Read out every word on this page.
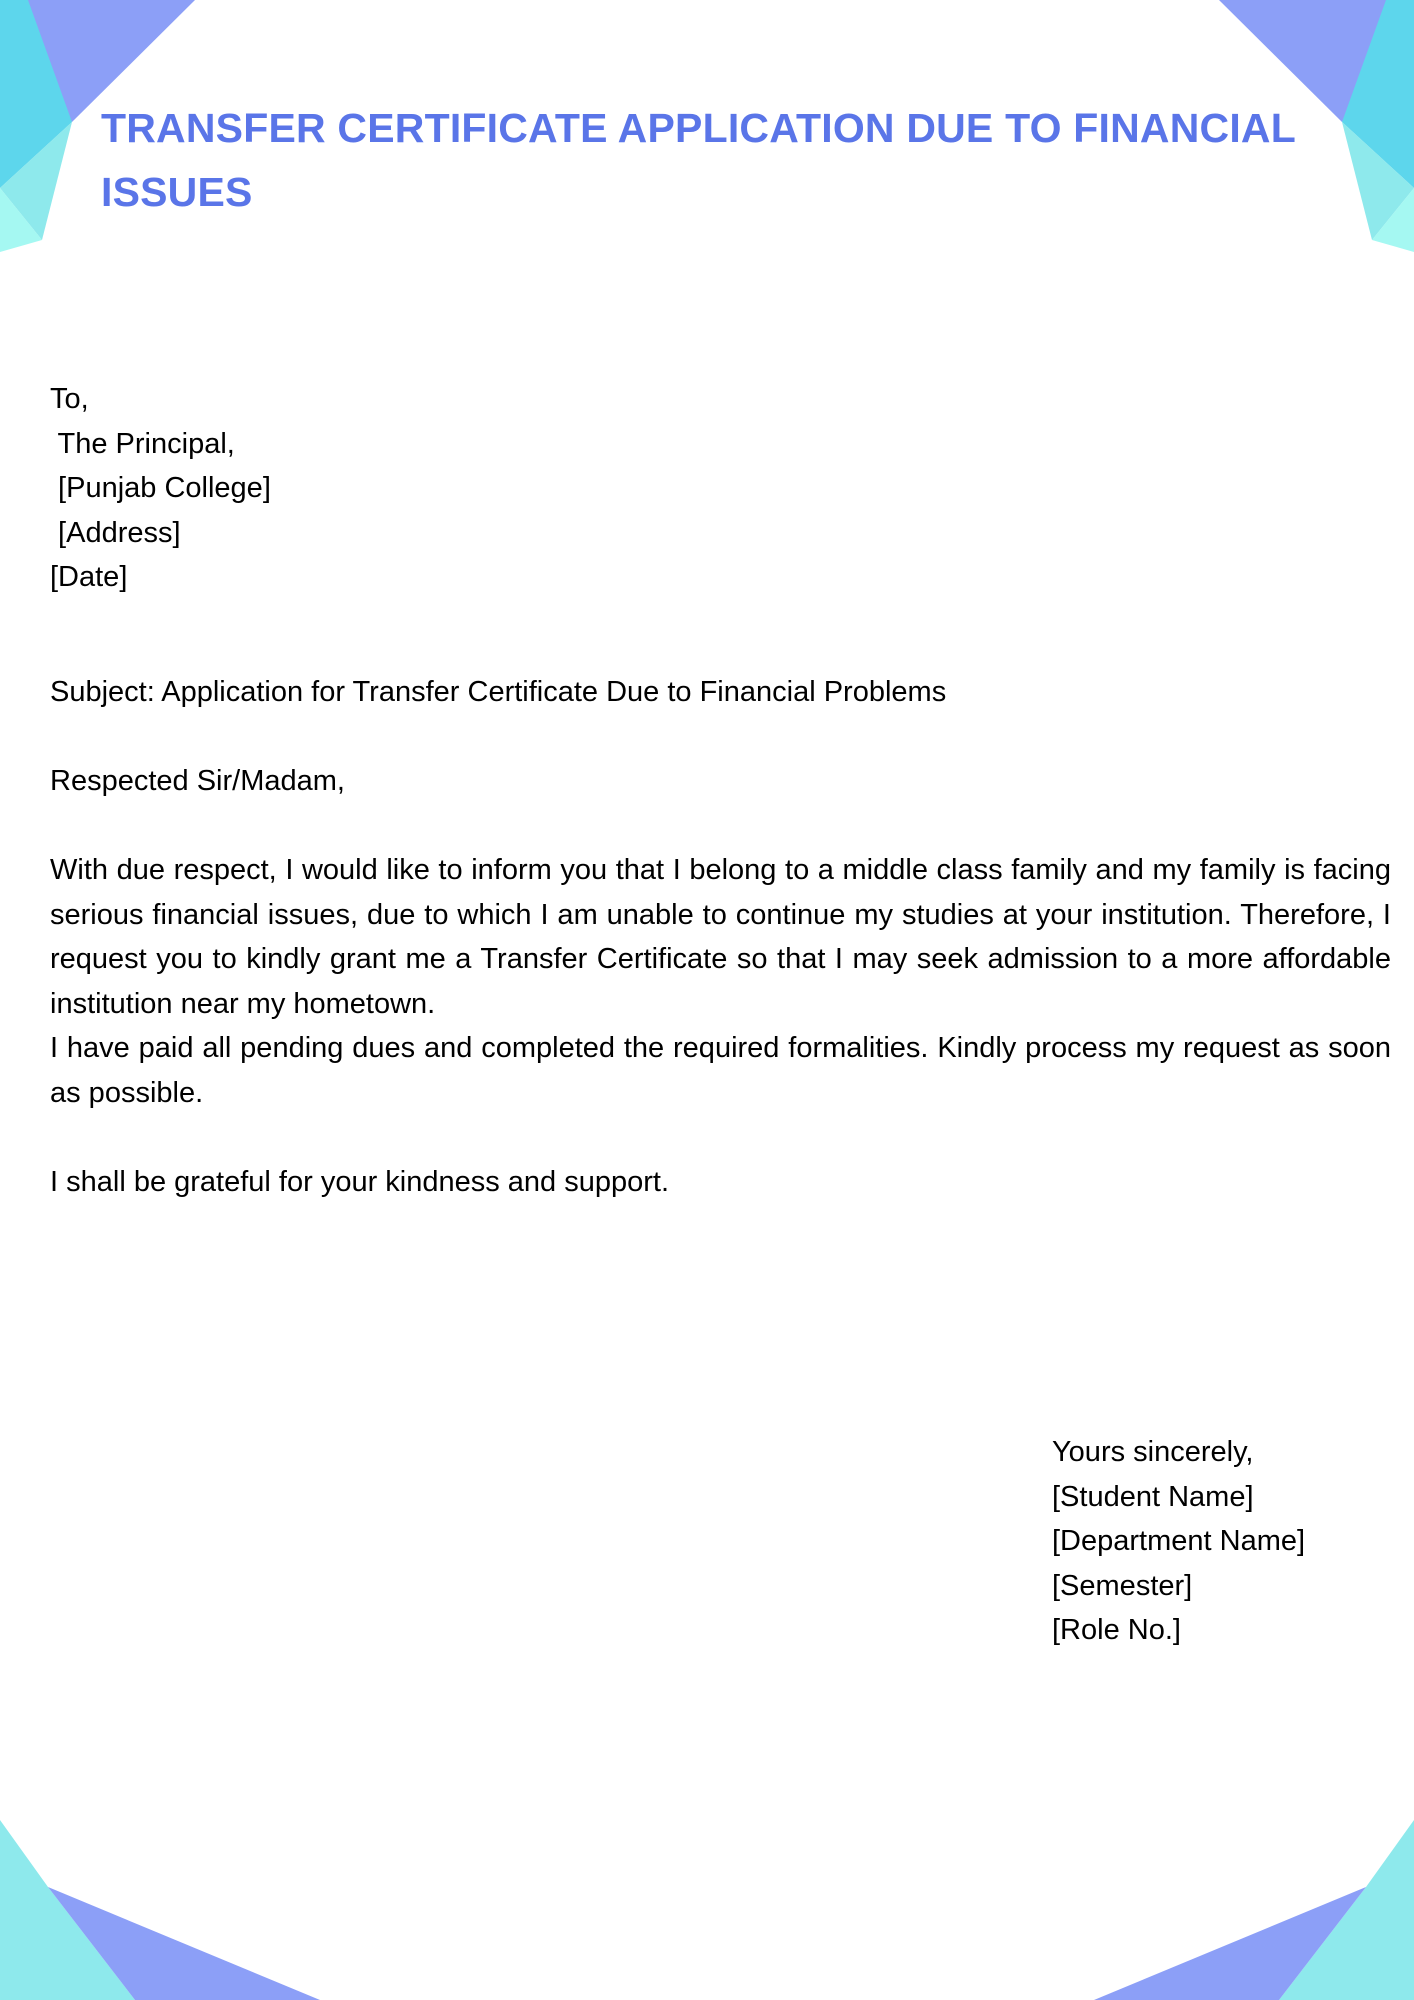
TRANSFER CERTIFICATE APPLICATION DUE TO FINANCIAL ISSUES
To,
The Principal,
[Punjab College]
[Address]
[Date]

Subject: Application for Transfer Certificate Due to Financial Problems

Respected Sir/Madam,

With due respect, I would like to inform you that I belong to a middle class family and my family is facing serious financial issues, due to which I am unable to continue my studies at your institution. Therefore, I request you to kindly grant me a Transfer Certificate so that I may seek admission to a more affordable institution near my hometown.

I have paid all pending dues and completed the required formalities. Kindly process my request as soon as possible.

I shall be grateful for your kindness and support.

Yours sincerely,
[Student Name]
[Department Name]
[Semester]
[Role No.]
